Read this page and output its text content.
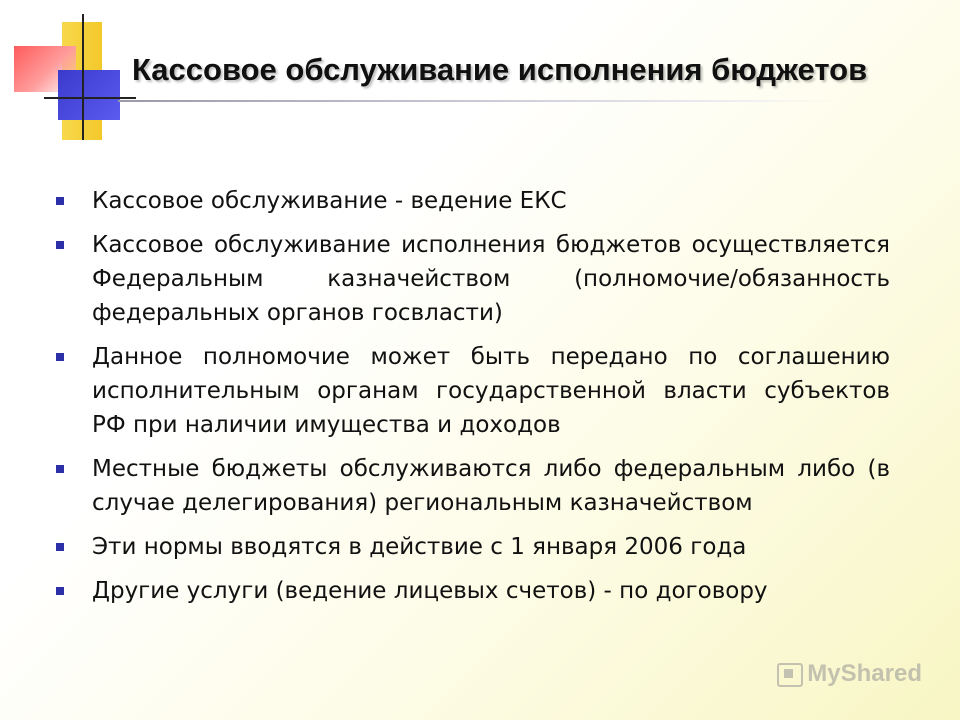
Кассовое обслуживание исполнения бюджетов
Кассовое обслуживание - ведение ЕКС
Кассовое обслуживание исполнения бюджетов осуществляется Федеральным казначейством (полномочие/обязанность федеральных органов госвласти)
Данное полномочие может быть передано по соглашению исполнительным органам государственной власти субъектов РФ при наличии имущества и доходов
Местные бюджеты обслуживаются либо федеральным либо (в случае делегирования) региональным казначейством
Эти нормы вводятся в действие с 1 января 2006 года
Другие услуги (ведение лицевых счетов) - по договору
MyShared
